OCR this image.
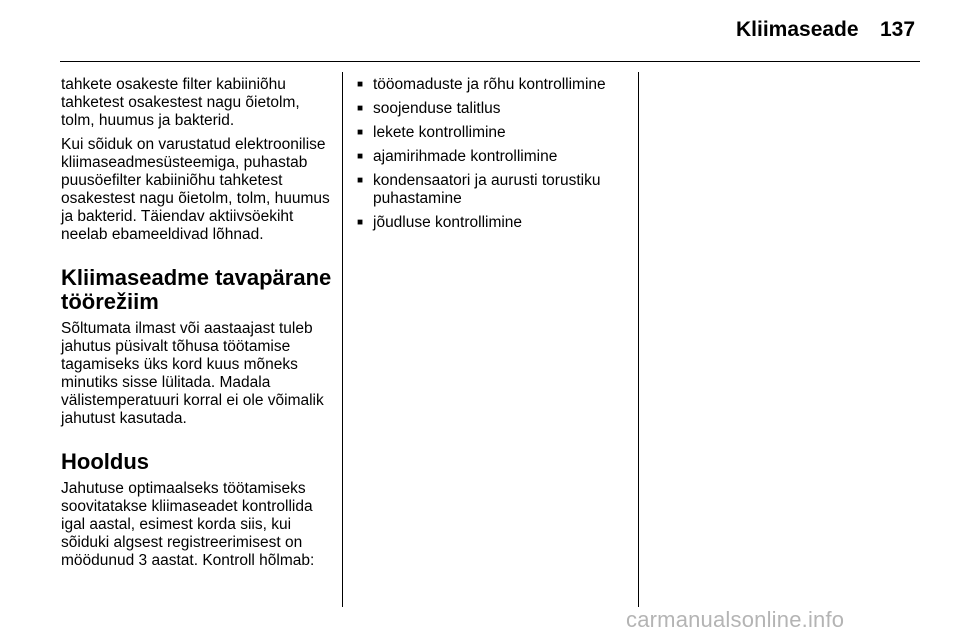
Kliimaseade 137

tahkete osakeste filter kabiiniõhu tahketest osakestest nagu õietolm, tolm, huumus ja bakterid.

Kui sõiduk on varustatud elektroonilise kliimaseadmesüsteemiga, puhastab puusöefilter kabiiniõhu tahketest osakestest nagu õietolm, tolm, huumus ja bakterid. Täiendav aktiivsöekiht neelab ebameeldivad lõhnad.

Kliimaseadme tavapärane töörežiim

Sõltumata ilmast või aastaajast tuleb jahutus püsivalt tõhusa töötamise tagamiseks üks kord kuus mõneks minutiks sisse lülitada. Madala välistemperatuuri korral ei ole võimalik jahutust kasutada.

Hooldus

Jahutuse optimaalseks töötamiseks soovitatakse kliimaseadet kontrollida igal aastal, esimest korda siis, kui sõiduki algsest registreerimisest on möödunud 3 aastat. Kontroll hõlmab:

■ tööomaduste ja rõhu kontrollimine
■ soojenduse talitlus
■ lekete kontrollimine
■ ajamirihmade kontrollimine
■ kondensaatori ja aurusti torustiku puhastamine
■ jõudluse kontrollimine
carmanualsonline.info
